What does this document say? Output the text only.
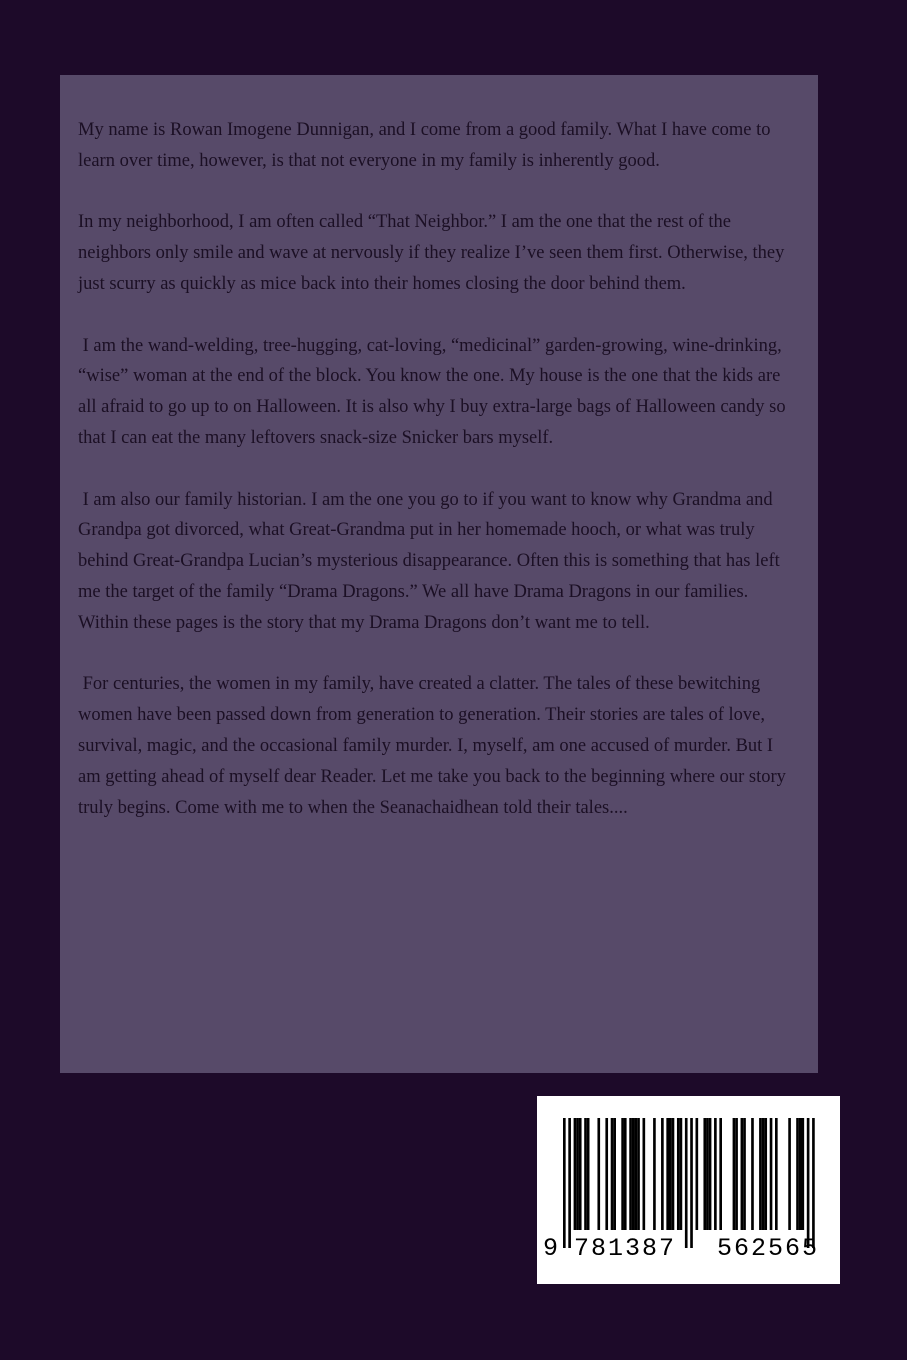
My name is Rowan Imogene Dunnigan, and I come from a good family. What I have come to learn over time, however, is that not everyone in my family is inherently good.

In my neighborhood, I am often called “That Neighbor.” I am the one that the rest of the neighbors only smile and wave at nervously if they realize I’ve seen them first. Otherwise, they just scurry as quickly as mice back into their homes closing the door behind them.

I am the wand-welding, tree-hugging, cat-loving, “medicinal” garden-growing, wine-drinking, “wise” woman at the end of the block. You know the one. My house is the one that the kids are all afraid to go up to on Halloween. It is also why I buy extra-large bags of Halloween candy so that I can eat the many leftovers snack-size Snicker bars myself.

I am also our family historian. I am the one you go to if you want to know why Grandma and Grandpa got divorced, what Great-Grandma put in her homemade hooch, or what was truly behind Great-Grandpa Lucian’s mysterious disappearance. Often this is something that has left me the target of the family “Drama Dragons.” We all have Drama Dragons in our families. Within these pages is the story that my Drama Dragons don’t want me to tell.

For centuries, the women in my family, have created a clatter. The tales of these bewitching women have been passed down from generation to generation. Their stories are tales of love, survival, magic, and the occasional family murder. I, myself, am one accused of murder. But I am getting ahead of myself dear Reader. Let me take you back to the beginning where our story truly begins. Come with me to when the Seanachaidhean told their tales....

9 781387 562565
